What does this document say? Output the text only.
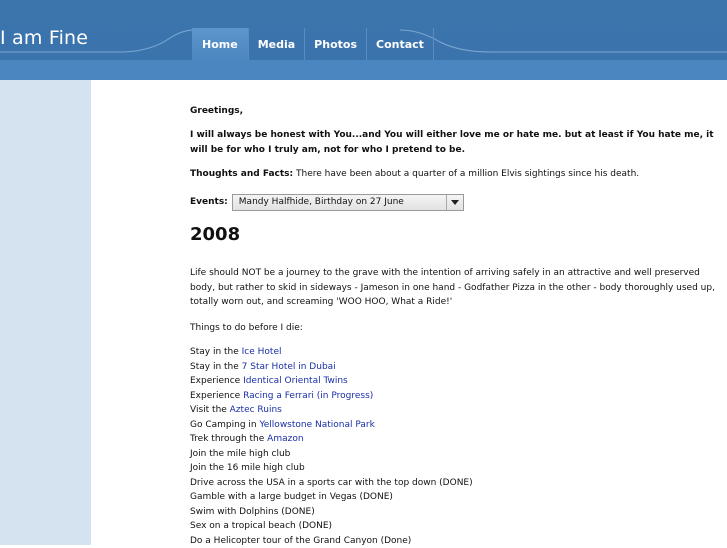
I am Fine	Home	Media	Photos	Contact

Greetings,

I will always be honest with You...and You will either love me or hate me. but at least if You hate me, it will be for who I truly am, not for who I pretend to be.

Thoughts and Facts: There have been about a quarter of a million Elvis sightings since his death.

Events:	Mandy Halfhide, Birthday on 27 June
2008

Life should NOT be a journey to the grave with the intention of arriving safely in an attractive and well preserved body, but rather to skid in sideways - Jameson in one hand - Godfather Pizza in the other - body thoroughly used up, totally worn out, and screaming 'WOO HOO, What a Ride!'

Things to do before I die:

Stay in the Ice Hotel
Stay in the 7 Star Hotel in Dubai
Experience Identical Oriental Twins
Experience Racing a Ferrari (in Progress)
Visit the Aztec Ruins
Go Camping in Yellowstone National Park
Trek through the Amazon
Join the mile high club
Join the 16 mile high club
Drive across the USA in a sports car with the top down (DONE)
Gamble with a large budget in Vegas (DONE)
Swim with Dolphins (DONE)
Sex on a tropical beach (DONE)
Do a Helicopter tour of the Grand Canyon (Done)
